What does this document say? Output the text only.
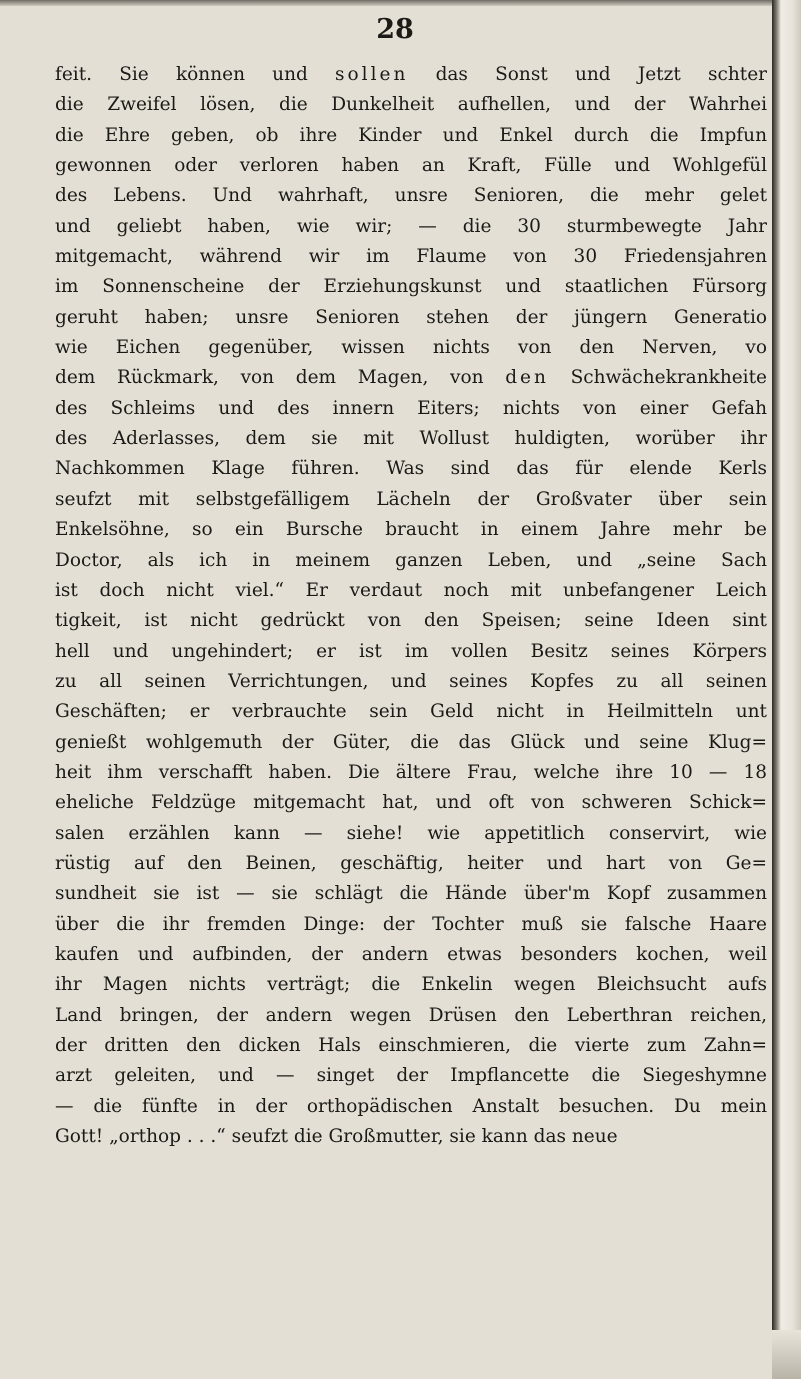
28
feit. Sie können und sollen das Sonst und Jetzt schter
die Zweifel lösen, die Dunkelheit aufhellen, und der Wahrhei
die Ehre geben, ob ihre Kinder und Enkel durch die Impfun
gewonnen oder verloren haben an Kraft, Fülle und Wohlgefül
des Lebens. Und wahrhaft, unsre Senioren, die mehr gelet
und geliebt haben, wie wir; — die 30 sturmbewegte Jahr
mitgemacht, während wir im Flaume von 30 Friedensjahren
im Sonnenscheine der Erziehungskunst und staatlichen Fürsorg
geruht haben; unsre Senioren stehen der jüngern Generatio
wie Eichen gegenüber, wissen nichts von den Nerven, vo
dem Rückmark, von dem Magen, von den Schwächekrankheite
des Schleims und des innern Eiters; nichts von einer Gefah
des Aderlasses, dem sie mit Wollust huldigten, worüber ihr
Nachkommen Klage führen. Was sind das für elende Kerls
seufzt mit selbstgefälligem Lächeln der Großvater über sein
Enkelsöhne, so ein Bursche braucht in einem Jahre mehr be
Doctor, als ich in meinem ganzen Leben, und „seine Sach
ist doch nicht viel.“ Er verdaut noch mit unbefangener Leich
tigkeit, ist nicht gedrückt von den Speisen; seine Ideen sint
hell und ungehindert; er ist im vollen Besitz seines Körpers
zu all seinen Verrichtungen, und seines Kopfes zu all seinen
Geschäften; er verbrauchte sein Geld nicht in Heilmitteln unt
genießt wohlgemuth der Güter, die das Glück und seine Klug=
heit ihm verschafft haben. Die ältere Frau, welche ihre 10 — 18
eheliche Feldzüge mitgemacht hat, und oft von schweren Schick=
salen erzählen kann — siehe! wie appetitlich conservirt, wie
rüstig auf den Beinen, geschäftig, heiter und hart von Ge=
sundheit sie ist — sie schlägt die Hände über'm Kopf zusammen
über die ihr fremden Dinge: der Tochter muß sie falsche Haare
kaufen und aufbinden, der andern etwas besonders kochen, weil
ihr Magen nichts verträgt; die Enkelin wegen Bleichsucht aufs
Land bringen, der andern wegen Drüsen den Leberthran reichen,
der dritten den dicken Hals einschmieren, die vierte zum Zahn=
arzt geleiten, und — singet der Impflancette die Siegeshymne
— die fünfte in der orthopädischen Anstalt besuchen. Du mein
Gott! „orthop . . .“ seufzt die Großmutter, sie kann das neue
